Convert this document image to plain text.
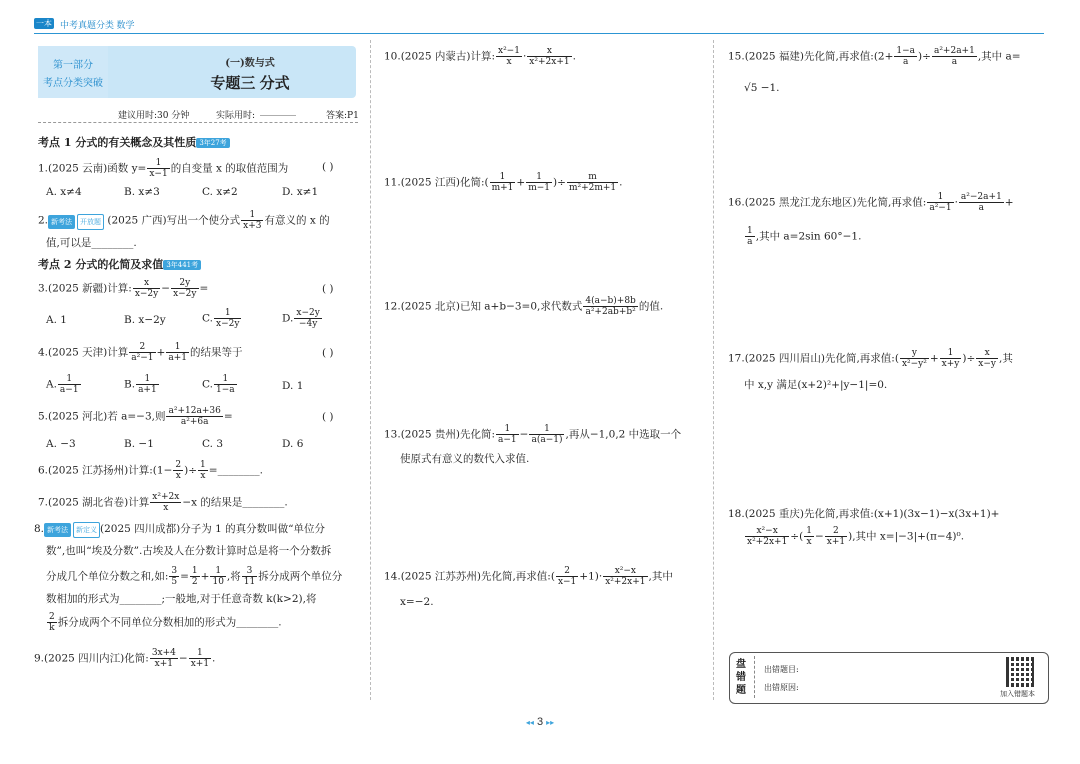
一本 中考真题分类 数学
第一部分
考点分类突破
(一)数与式
专题三 分式
建议用时:30 分钟	实际用时: ________	答案:P1
考点 1 分式的有关概念及其性质 3年27考
1.(2025 云南)函数 $y= \frac{1}{x-1}$ 的自变量 x 的取值范围为	( )
A. x≠4	B. x≠3	C. x≠2	D. x≠1
2. 新考法 开放题 (2025 广西)写出一个使分式 $\frac{1}{x+3}$ 有意义的 x 的
值,可以是________.
考点 2 分式的化简及求值 3年441考
3.(2025 新疆)计算: $\frac{x}{x-2y} - \frac{2y}{x-2y}$ =	( )
A. 1	B. x−2y	C. $\frac{1}{x-2y}$	D. $\frac{x-2y}{-4y}$
4.(2025 天津)计算 $\frac{2}{\text{a²−1}} + \frac{1}{a+1}$ 的结果等于	( )
A. $\frac{1}{a-1}$	B. $\frac{1}{a+1}$	C. $\frac{1}{1-a}$	D. 1
5.(2025 河北)若 a=−3,则 $\frac{\text{a²+12a+36}}{\text{a²+6a}}$ =	( )
A. −3	B. −1	C. 3	D. 6
6.(2025 江苏扬州)计算:(1− $\frac{2}{x}$ )÷ $\frac{1}{x}$ =________.
7.(2025 湖北省卷)计算 $\frac{\text{x²+2x}}{x} -x$ 的结果是________.
8. 新考法 新定义 (2025 四川成都)分子为 1 的真分数叫做“单位分
数”,也叫“埃及分数”.古埃及人在分数计算时总是将一个分数拆
分成几个单位分数之和,如: $\frac{3}{5} = \frac{1}{2} + \frac{1}{10}$ ,将 $\frac{3}{11}$ 拆分成两个单位分
数相加的形式为________;一般地,对于任意奇数 k(k>2),将
$\frac{2}{k}$ 拆分成两个不同单位分数相加的形式为________.
9.(2025 四川内江)化简: $\frac{3x+4}{x+1} - \frac{1}{x+1}$ .
10.(2025 内蒙古)计算: $\frac{\text{x²−1}}{x} \cdot \frac{x}{\text{x²+2x+1}}$ .
11.(2025 江西)化简:( $\frac{1}{m+1} + \frac{1}{m-1}$ )÷ $\frac{m}{\text{m²+2m+1}}$ .
12.(2025 北京)已知 a+b−3=0,求代数式 $\frac{4(a-b)+8b}{\text{a²+2ab+b²}}$ 的值.
13.(2025 贵州)先化简: $\frac{1}{a-1} - \frac{1}{a(a-1)}$ ,再从−1,0,2 中选取一个
使原式有意义的数代入求值.
14.(2025 江苏苏州)先化简,再求值:( $\frac{2}{x-1} +1)\cdot \frac{\text{x²−x}}{\text{x²+2x+1}}$ ,其中
x=−2.
15.(2025 福建)先化简,再求值:(2+ $\frac{1-a}{a}$ )÷ $\frac{\text{a²+2a+1}}{a}$ ,其中 a=
√5 −1.
16.(2025 黑龙江龙东地区)先化简,再求值: $\frac{1}{\text{a²−1}} \cdot \frac{\text{a²−2a+1}}{a}$ +
$\frac{1}{a}$ ,其中 a=2sin 60°−1.
17.(2025 四川眉山)先化简,再求值:( $\frac{y}{\text{x²−y²}} + \frac{1}{x+y}$ )÷ $\frac{x}{x-y}$ ,其
中 x,y 满足(x+2)²+|y−1|=0.
18.(2025 重庆)先化简,再求值:(x+1)(3x−1)−x(3x+1)+
$\frac{\text{x²−x}}{\text{x²+2x+1}}$ ÷( $\frac{1}{x} - \frac{2}{x+1}$ ),其中 x=|−3|+(π−4)⁰.
盘错题
出错题目:
出错原因:
加入错题本
◂◂ 3 ▸▸
